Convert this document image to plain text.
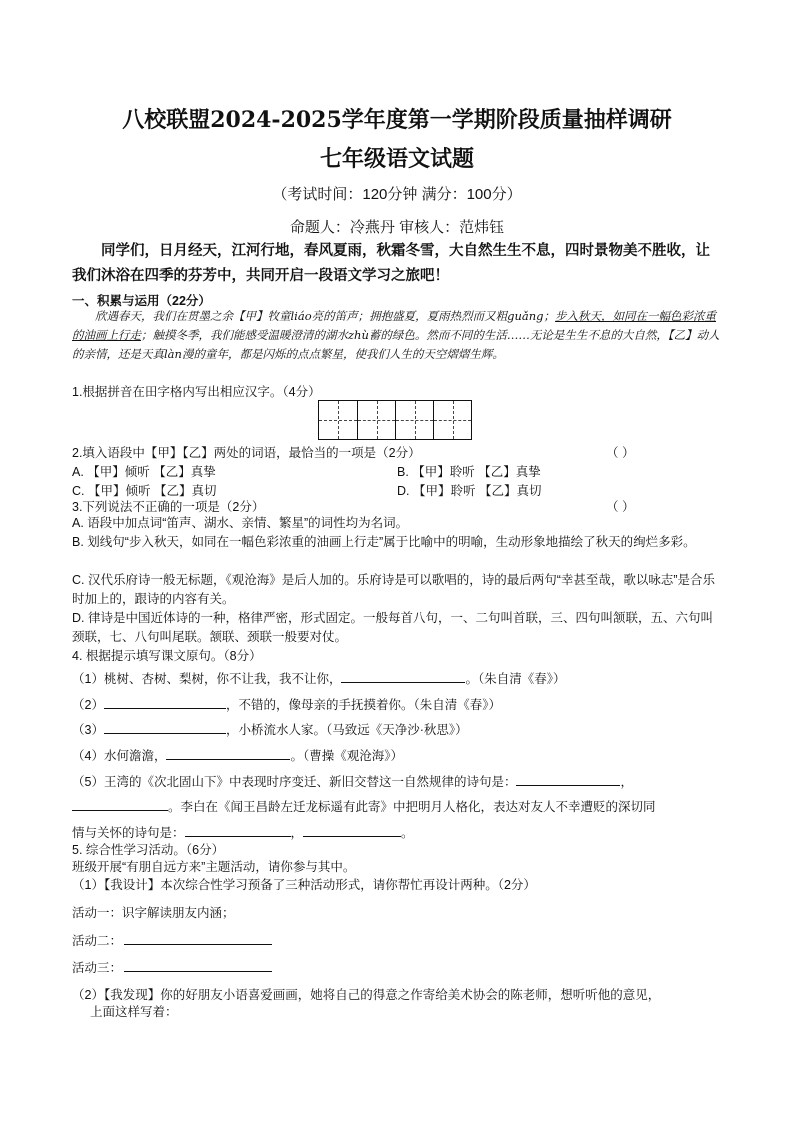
八校联盟2024-2025学年度第一学期阶段质量抽样调研
七年级语文试题
（考试时间：120分钟 满分：100分）
命题人：冷燕丹 审核人：范炜钰
同学们，日月经天，江河行地，春风夏雨，秋霜冬雪，大自然生生不息，四时景物美不胜收，让我们沐浴在四季的芬芳中，共同开启一段语文学习之旅吧！
一、积累与运用（22分）
欣遇春天，我们在贯墨之余【甲】牧童liáo亮的笛声；拥抱盛夏，夏雨热烈而又粗guǎng；步入秋天，如同在一幅色彩浓重的油画上行走；触摸冬季，我们能感受温暖澄清的湖水zhù蓄的绿色。然而不同的生活……无论是生生不息的大自然，【乙】动人的亲情，还是天真làn漫的童年，都是闪烁的点点繁星，使我们人生的天空熠熠生辉。
1.根据拼音在田字格内写出相应汉字。（4分）
2.填入语段中【甲】【乙】两处的词语，最恰当的一项是（2分）	（ ）
A. 【甲】倾听 【乙】真挚	B. 【甲】聆听 【乙】真挚
C. 【甲】倾听 【乙】真切	D. 【甲】聆听 【乙】真切
3.下列说法不正确的一项是（2分）	（ ）
A. 语段中加点词“笛声、湖水、亲情、繁星”的词性均为名词。
B. 划线句“步入秋天，如同在一幅色彩浓重的油画上行走”属于比喻中的明喻，生动形象地描绘了秋天的绚烂多彩。
C. 汉代乐府诗一般无标题，《观沧海》是后人加的。乐府诗是可以歌唱的，诗的最后两句“幸甚至哉，歌以咏志”是合乐时加上的，跟诗的内容有关。
D. 律诗是中国近体诗的一种，格律严密，形式固定。一般每首八句，一、二句叫首联，三、四句叫颔联，五、六句叫颈联，七、八句叫尾联。颔联、颈联一般要对仗。
4. 根据提示填写课文原句。（8分）
（1）桃树、杏树、梨树，你不让我，我不让你，	。（朱自清《春》）
（2）	，不错的，像母亲的手抚摸着你。（朱自清《春》）
（3）	，小桥流水人家。（马致远《天净沙·秋思》）
（4）水何澹澹，	。（曹操《观沧海》）
（5）王湾的《次北固山下》中表现时序变迁、新旧交替这一自然规律的诗句是：	，
。李白在《闻王昌龄左迁龙标遥有此寄》中把明月人格化，表达对友人不幸遭贬的深切同
情与关怀的诗句是：	，	。
5. 综合性学习活动。（6分）
班级开展“有朋自远方来”主题活动，请你参与其中。
（1）【我设计】本次综合性学习预备了三种活动形式，请你帮忙再设计两种。（2分）
活动一：识字解读朋友内涵；
活动二：
活动三：
（2）【我发现】你的好朋友小语喜爱画画，她将自己的得意之作寄给美术协会的陈老师，想听听他的意见，
上面这样写着：
